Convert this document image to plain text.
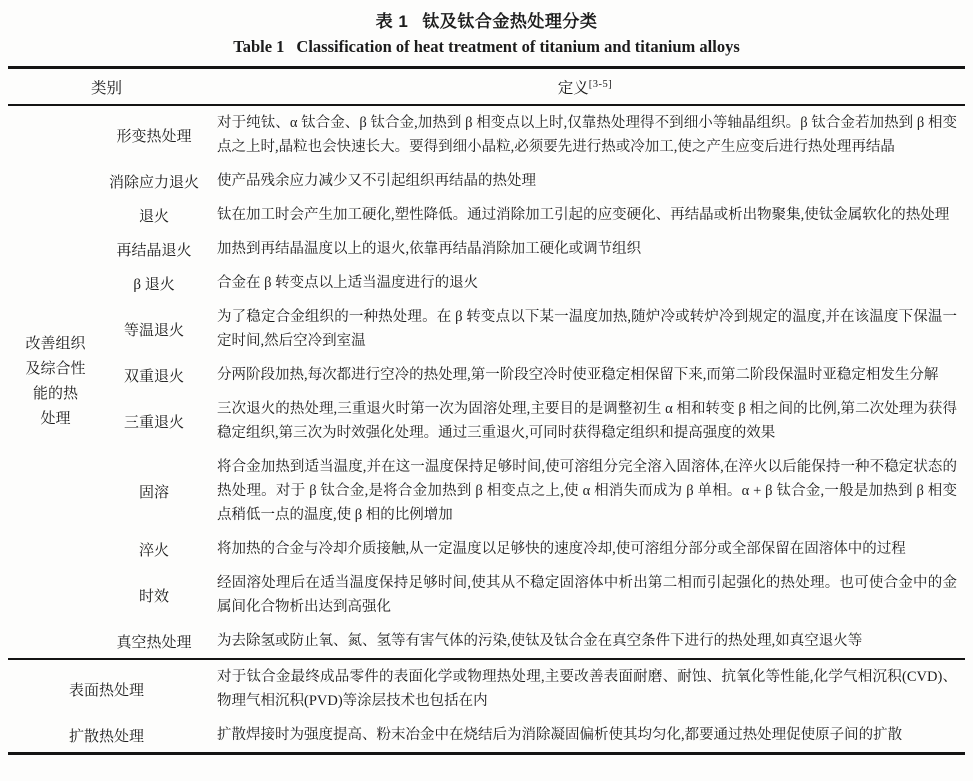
表 1 钛及钛合金热处理分类
Table 1 Classification of heat treatment of titanium and titanium alloys
类别		定义[3-5]

改善组织
及综合性
能的热
处理	形变热处理	对于纯钛、α 钛合金、β 钛合金,加热到 β 相变点以上时,仅靠热处理得不到细小等轴晶组织。β 钛合金若加热到 β 相变点之上时,晶粒也会快速长大。要得到细小晶粒,必须要先进行热或冷加工,使之产生应变后进行热处理再结晶
	消除应力退火	使产品残余应力减少又不引起组织再结晶的热处理
	退火	钛在加工时会产生加工硬化,塑性降低。通过消除加工引起的应变硬化、再结晶或析出物聚集,使钛金属软化的热处理
	再结晶退火	加热到再结晶温度以上的退火,依靠再结晶消除加工硬化或调节组织
	β 退火	合金在 β 转变点以上适当温度进行的退火
	等温退火	为了稳定合金组织的一种热处理。在 β 转变点以下某一温度加热,随炉冷或转炉冷到规定的温度,并在该温度下保温一定时间,然后空冷到室温
	双重退火	分两阶段加热,每次都进行空冷的热处理,第一阶段空冷时使亚稳定相保留下来,而第二阶段保温时亚稳定相发生分解
	三重退火	三次退火的热处理,三重退火时第一次为固溶处理,主要目的是调整初生 α 相和转变 β 相之间的比例,第二次处理为获得稳定组织,第三次为时效强化处理。通过三重退火,可同时获得稳定组织和提高强度的效果
	固溶	将合金加热到适当温度,并在这一温度保持足够时间,使可溶组分完全溶入固溶体,在淬火以后能保持一种不稳定状态的热处理。对于 β 钛合金,是将合金加热到 β 相变点之上,使 α 相消失而成为 β 单相。α + β 钛合金,一般是加热到 β 相变点稍低一点的温度,使 β 相的比例增加
	淬火	将加热的合金与冷却介质接触,从一定温度以足够快的速度冷却,使可溶组分部分或全部保留在固溶体中的过程
	时效	经固溶处理后在适当温度保持足够时间,使其从不稳定固溶体中析出第二相而引起强化的热处理。也可使合金中的金属间化合物析出达到高强化
	真空热处理	为去除氢或防止氧、氮、氢等有害气体的污染,使钛及钛合金在真空条件下进行的热处理,如真空退火等
表面热处理		对于钛合金最终成品零件的表面化学或物理热处理,主要改善表面耐磨、耐蚀、抗氧化等性能,化学气相沉积(CVD)、物理气相沉积(PVD)等涂层技术也包括在内
扩散热处理		扩散焊接时为强度提高、粉末冶金中在烧结后为消除凝固偏析使其均匀化,都要通过热处理促使原子间的扩散
